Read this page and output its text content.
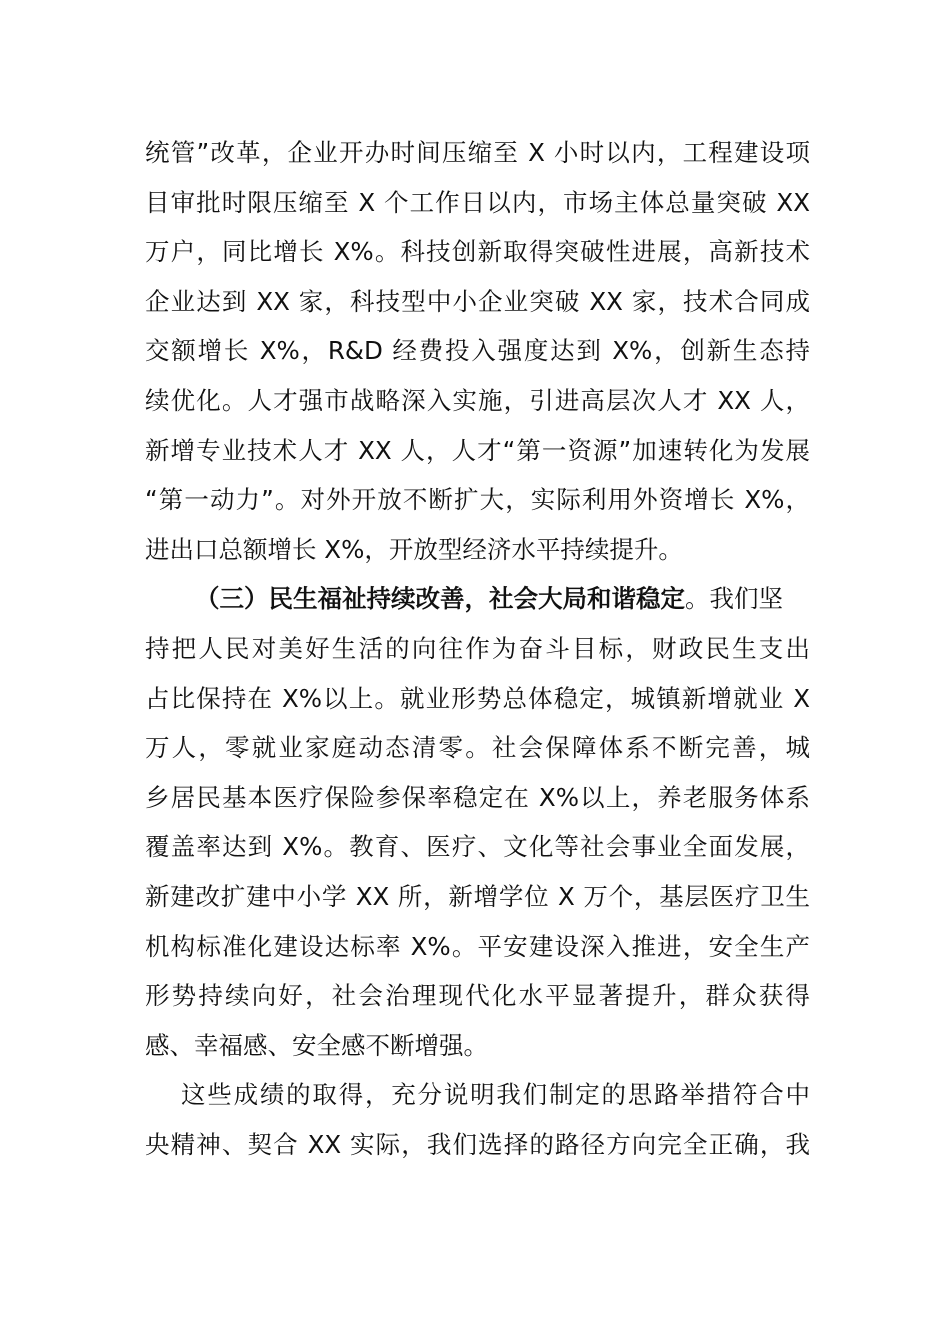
统管”改革，企业开办时间压缩至 X 小时以内，工程建设项
目审批时限压缩至 X 个工作日以内，市场主体总量突破 XX
万户，同比增长 X%。科技创新取得突破性进展，高新技术
企业达到 XX 家，科技型中小企业突破 XX 家，技术合同成
交额增长 X%，R&D 经费投入强度达到 X%，创新生态持
续优化。人才强市战略深入实施，引进高层次人才 XX 人，
新增专业技术人才 XX 人，人才“第一资源”加速转化为发展
“第一动力”。对外开放不断扩大，实际利用外资增长 X%，
进出口总额增长 X%，开放型经济水平持续提升。
（三）民生福祉持续改善，社会大局和谐稳定。我们坚
持把人民对美好生活的向往作为奋斗目标，财政民生支出
占比保持在 X%以上。就业形势总体稳定，城镇新增就业 X
万人，零就业家庭动态清零。社会保障体系不断完善，城
乡居民基本医疗保险参保率稳定在 X%以上，养老服务体系
覆盖率达到 X%。教育、医疗、文化等社会事业全面发展，
新建改扩建中小学 XX 所，新增学位 X 万个，基层医疗卫生
机构标准化建设达标率 X%。平安建设深入推进，安全生产
形势持续向好，社会治理现代化水平显著提升，群众获得
感、幸福感、安全感不断增强。
这些成绩的取得，充分说明我们制定的思路举措符合中
央精神、契合 XX 实际，我们选择的路径方向完全正确，我
